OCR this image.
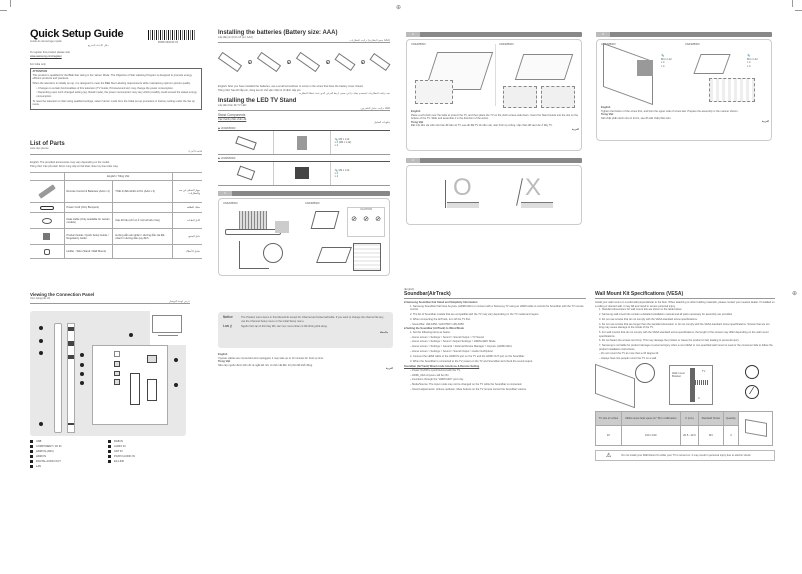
⊕
⊕
Quick Setup Guide
Guide de demarrage rapide
دليل الإعداد السريع
BN68-09924P-04
To register this product please visit
www.samsung.com/register
For India only
ATTENTION
This product is qualified for the BEE Star rating in the 'Home' Mode. The Objective of Star Labeling Program is designed to promote energy efficient products and practices.
When the television is initially set up, it is designed to meet the BEE Star Labeling requirements while maintaining optimum picture quality.
• Changes to certain functionalities of this television (TV Guide, Picture/sound etc) may change the power consumption.
• Depending upon such changed setting (eg. Retail mode), the power consumption may vary which possibly could exceed the stated energy consumption.
To reset the television to Star rating qualified settings, select 'Home' mode from the Initial set up procedure in Factory setting under the Set up menu.
List of Parts
Liste des pieces
قائمة الأجزاء
English: The provided accessories may vary depending on the model.
Tiếng Việt: Các phụ kiện được cung cấp có thể khác nhau tùy theo kiểu máy.
	English / Tiếng Việt		

	Remote Control & Batteries (AAA x 2)	Thiết bị điều khiển & Pin (AAA x 2)	جهاز التحكم عن بعد والبطاريات

	Power Cord (Only Bumpers)		سلك الطاقة

	Data Cable (Only available for certain models)	Cáp dữ liệu (chỉ có ở một số kiểu máy)	كابل البيانات

	Product Guide / Quick Setup Guide / Regulatory Guide	Hướng dẫn sản phẩm / Hướng dẫn cài đặt nhanh / Hướng dẫn quy định	دليل المنتج

	Holder - Wire (Stand / Wall Mount)		حامل الأسلاك
Installing the batteries (Battery size: AAA)
Lắp đặt pin (Kích cỡ pin: AAA)
تركيب البطاريات (حجم البطارية AAA)
1	2	3	4
English: After you have installed the batteries, use a small screwdriver to screw in the screw that fixes the battery cover closed.
Tiếng Việt: Sau khi lắp pin, dùng tua vít nhỏ vặn chặt vít cố định nắp pin.
بعد تركيب البطاريات استخدم مفك براغي صغير لربط البرغي الذي يثبت غطاء البطارية
Installing the LED TV Stand
Lắp đặt chân đế TV LED
تركيب حامل التلفزيون LED
Stand Components
Các thành phần chân đế
مكونات الحامل
◆ UN32M5000
🔩 M4 x L12
x 4 (M4 x L12)
x 4
◆ UN43M5000
🔩 M4 x L12
x 4
x 4
1
UN32M5000	UN43M5000
CAUTION
⊘ ⊘ ⊘
2
UN32M5000	UN43M5000
English
Place a soft cloth over the table to protect the TV, and then place the TV on the cloth screen-side down. Insert the Stand Guide into the slot on the bottom of the TV. Slide and assemble it in the direction of the arrow.
Tiếng Việt
Đặt một tấm vải mềm lên bàn để bảo vệ TV, sau đó đặt TV lên tấm vải, màn hình úp xuống. Lắp chân đế vào khe ở đáy TV.
العربية
3
UN32M5000	UN43M5000
🔩
M4 x L12
x 4
x 4
🔩
M4 x L12
x 4
x 4
English
Tighten the bottom of the screw first, and then the upper side of screw last. Prepare the assembly in the manner shown.
Tiếng Việt
Siết chặt phần dưới của vít trước, sau đó siết chặt phần trên.
العربية
4
O X
Viewing the Connection Panel
Xem bảng kết nối
عرض لوحة التوصيل
USB
COMPONENT / AV IN
HDMI IN (ARC)
HDMI IN
DIGITAL AUDIO OUT
LAN
RGB IN
AUDIO IN
ANT IN
PC/DVI AUDIO IN
EX-LINK
Notice	The Product menu items in this Menu/Info except for Channel and Antenna/Cable. If you want to change the channel list any, use the Channel Setup menu or the Initial Setup menu.
Lưu ý	Nguồn hiện tại có thể thay đổi, các mục menu khác có thể không khả dụng.
ملاحظة
English
If power cables are connected and unplugged, it may take up to 10 minutes for boot up time.
Tiếng Việt
Nếu cáp nguồn được kết nối và ngắt kết nối, có thể mất đến 10 phút để khởi động.
العربية
(English)
Soundbar(AirTrack)
■ Samsung Soundbar that Stand and Simplicity Information
1. Samsung Soundbar that have Anynet+ (HDMI-CEC) to connect with a Samsung TV using an HDMI cable to control the Soundbar with the TV remote control.
2. The list of Soundbar models that are compatible with the TV may vary depending on the TV model and region.
3. When connecting the AirTrack, turn off the TV first.
– Sound Bar: HW-K450 / HW-K550 / HW-K650
■ Setting the Soundbar (AirTrack) to Wired Mode
1. Set the following items as below:
– Home screen > Settings > Sound > Sound Output > TV Sound
– Home screen > Settings > Sound > Expert Settings > HDMI-eARC Mode
– Home screen > Settings > General > External Device Manager > Anynet+ (HDMI-CEC)
– Home screen > Settings > Sound > Sound Output > Audio Out/Optical
2. Connect the HDMI cable to the HDMI IN port on the TV and the HDMI OUT port on the Soundbar.
3. When the Soundbar is connected to the TV, power on the TV and Soundbar and check the sound output.
Soundbar (AirTrack) Wired mode functions & Remote Setting
– Power On/Off is synchronized with the TV.
– HDMI_CEC Anynet+ will be ON.
– Functions through the "HDMI ARC" port only.
– Mode/Source: The input mode may not be changed on the TV while the Soundbar is connected.
– Sound adjustments: Volume up/down, Mute buttons on the TV remote control the Soundbar volume.
Wall Mount Kit Specifications (VESA)
Install your wall mount on a solid wall perpendicular to the floor. When attaching to other building materials, please contact your nearest dealer. If installed on a ceiling or slanted wall, it may fall and result in severe personal injury.
1. Standard dimensions for wall mount kits are shown in the table below.
2. Samsung wall mount kits contain a detailed installation manual and all parts necessary for assembly are provided.
3. Do not use screws that do not comply with the VESA standard screw specifications.
4. Do not use screws that are longer than the standard dimension or do not comply with the VESA standard screw specifications. Screws that are too long may cause damage to the inside of the TV.
5. For wall mounts that do not comply with the VESA standard screw specifications, the length of the screws may differ depending on the wall mount specifications.
6. Do not fasten the screws too firmly. This may damage the product or cause the product to fall, leading to personal injury.
7. Samsung is not liable for product damage or personal injury when a non-VESA or non-specified wall mount is used or the consumer fails to follow the product installation instructions.
– Do not mount the TV at more than a 15 degree tilt.
– Always have two people mount the TV on a wall.
Wall mount Bracket
TV
C
⁄
TV size in inches	VESA screw hole specs (A * B) in millimeters	C (mm)	Standard Screw	Quantity	

32	100 x 100	20.5 - 23.0	M4	4	
⚠	Do not install your Wall Mount Kit while your TV is turned on. It may result in personal injury due to electric shock.
